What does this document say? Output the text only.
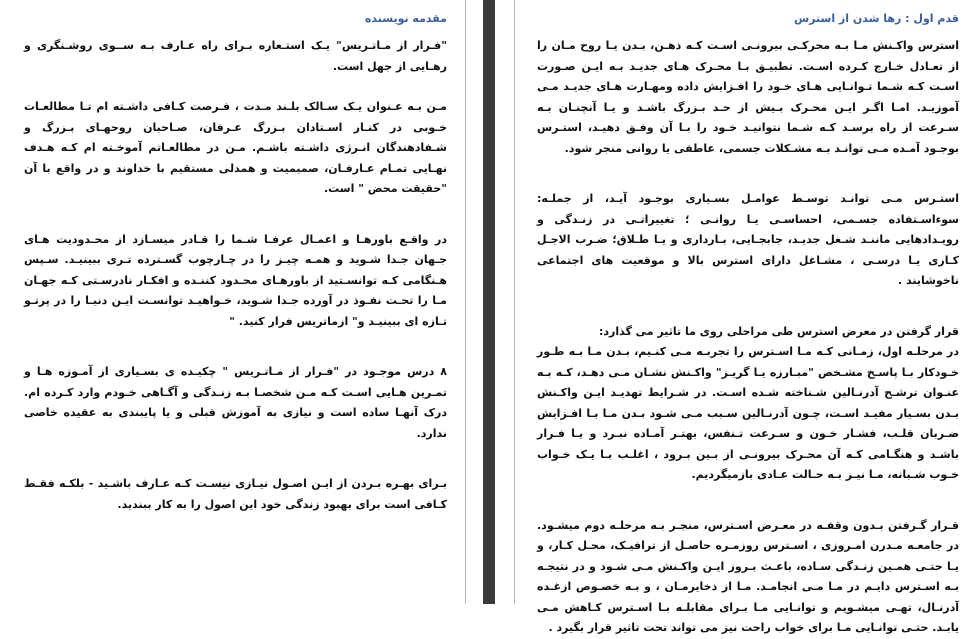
مقدمه نویسنده

"فـرار از مـاتـریس" یـک استـعاره بـرای راه عـارف بـه ســوی روشـنگری و رهـایی از جهل است.

مـن بـه عـنوان یـک سـالک بلـند مـدت ، فـرصت کـافی داشـته ام تـا مطالعـات خـوبی در کنـار اسـتادان بـزرگ عـرفان، صـاحبان روحهـای بـزرگ و شـفادهندگان انـرژی داشـته باشـم. مـن در مطالعـاتم آموخـته ام کـه هـدف نهـایی تمـام عـارفـان، صمیمیت و همدلی مستقیم با خداوند و در واقع با آن "حقیقت محض " است.

در واقـع باورهـا و اعمـال عرفـا شـما را قـادر میسـازد از محـدودیت هـای جـهان جـدا شـوید و همـه چیـز را در چـارچوب گسـترده تـری ببینیـد. سـپس هـنگامی کـه توانسـتید از باورهـای محـدود کننـده و افکـار نادرسـتی کـه جهـان مـا را تحـت نفـوذ در آورده جـدا شـوید، خـواهیـد توانسـت ایـن دنیـا را در پرتـو تـازه ای ببینیـد و" ازماتریس فرار کنید. "

۸ درس موجـود در "فـرار از مـاتـریس " چکیـده ی بسـیاری از آمـوزه هـا و تمـرین هـایی اسـت کـه مـن شخصـا بـه زنـدگی و آگـاهی خـودم وارد کـرده ام. درک آنهـا ساده است و نیازی به آموزش قبلی و یا پایبندی به عقیده خاصی ندارد.

بـرای بهـره بـردن از ایـن اصـول نیـازی نیسـت کـه عـارف باشـید - بلکـه فقـط کـافی است برای بهبود زندگی خود این اصول را به کار ببندید.

قدم اول : رها شدن از استرس

استرس واکـنش مـا بـه محرکـی بیرونـی اسـت کـه ذهـن، بـدن یـا روح مـان را از تعـادل خـارج کـرده اسـت. تطبیـق بـا محـرک هـای جدیـد بـه ایـن صـورت اسـت کـه شـما تـوانـایی هـای خـود را افـزایش داده ومهـارت هـای جدیـد مـی آموزیـد. امـا اگـر ایـن محـرک بـیش از حـد بـزرگ باشـد و یـا آنچنـان بـه سـرعت از راه برسـد کـه شـما نتوانیـد خـود را بـا آن وفـق دهیـد، استـرس بوجـود آمـده مـی توانـد بـه مشـکلات جسمی، عاطفی یا روانی منجر شود.

استـرس مـی توانـد توسـط عوامـل بسـیاری بوجـود آیـد، از جملـه: سوءاسـتفاده جسـمی، احساسـی یـا روانـی ؛ تغییراتـی در زنـدگی و رویـدادهایی ماننـد شـغل جدیـد، جابجـایی، بـارداری و یـا طـلاق؛ ضـرب الاجـل کـاری یـا درسـی ، مشـاغل دارای استرس بالا و موقعیت های اجتماعی ناخوشایند .

قرار گرفتن در معرض استرس طی مراحلی روی ما تاثیر می گذارد:
در مرحلـه اول، زمـانی کـه مـا اسـترس را تجربـه مـی کنـیم، بـدن مـا بـه طـور خـودکار بـا پاسـخ مشـخص "مبـارزه یـا گریـز" واکـنش نشـان مـی دهـد، کـه بـه عنـوان ترشـح آدرنـالین شـناخته شـده اسـت. در شـرایط تهدیـد ایـن واکـنش بـدن بسـیار مفیـد اسـت، چـون آدرنـالین سـبب مـی شـود بـدن مـا بـا افـزایش ضـربان قلـب، فشـار خـون و سـرعت تـنفس، بهتـر آمـاده نبـرد و یـا فـرار باشـد و هنگـامی کـه آن محـرک بیرونـی از بـین بـرود ، اغلـب بـا یـک خـواب خـوب شـبانه، مـا نیـز بـه حـالت عـادی بازمیگردیم.

قـرار گـرفتن بـدون وقفـه در معـرض اسـترس، منجـر بـه مرحلـه دوم میشـود. در جامعـه مـدرن امـروزی ، اسـترس روزمـره حاصـل از ترافیـک، محـل کـار، و یـا حتـی همـین زنـدگی سـاده، باعـث بـروز ایـن واکـنش مـی شـود و در نتیجـه بـه اسـترس دایـم در مـا مـی انجامـد. مـا از ذخایرمـان ، و بـه خصـوص ازغـده آدرنـال، تهـی میشـویم و توانـایی مـا بـرای مقابلـه بـا اسـترس کـاهش مـی یابـد. حتـی توانـایی مـا برای خواب راحت نیز می تواند تحت تاثیر قرار بگیرد .
